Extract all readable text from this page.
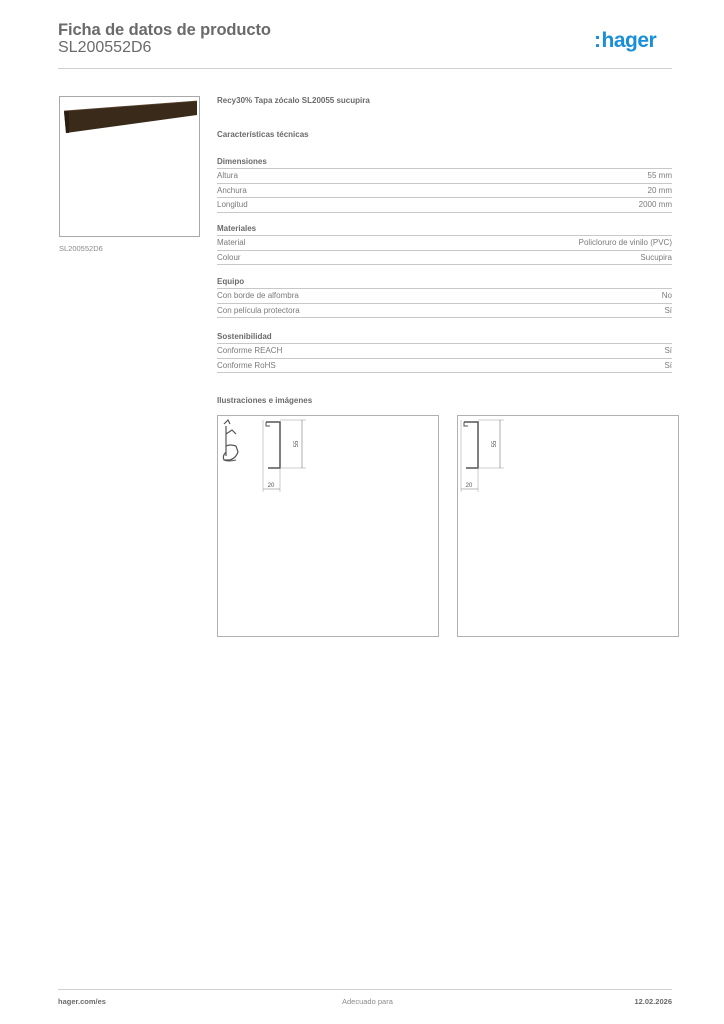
Ficha de datos de producto
SL200552D6	:hager
SL200552D6
Recy30% Tapa zócalo SL20055 sucupira
Características técnicas
Dimensiones
Altura	55 mm
Anchura	20 mm
Longitud	2000 mm
Materiales
Material	Policloruro de vinilo (PVC)
Colour	Sucupira
Equipo
Con borde de alfombra	No
Con película protectora	Sí
Sostenibilidad
Conforme REACH	Sí
Conforme RoHS	Sí
Ilustraciones e imágenes
55
20
55
20
hager.com/es	Adecuado para	12.02.2026
